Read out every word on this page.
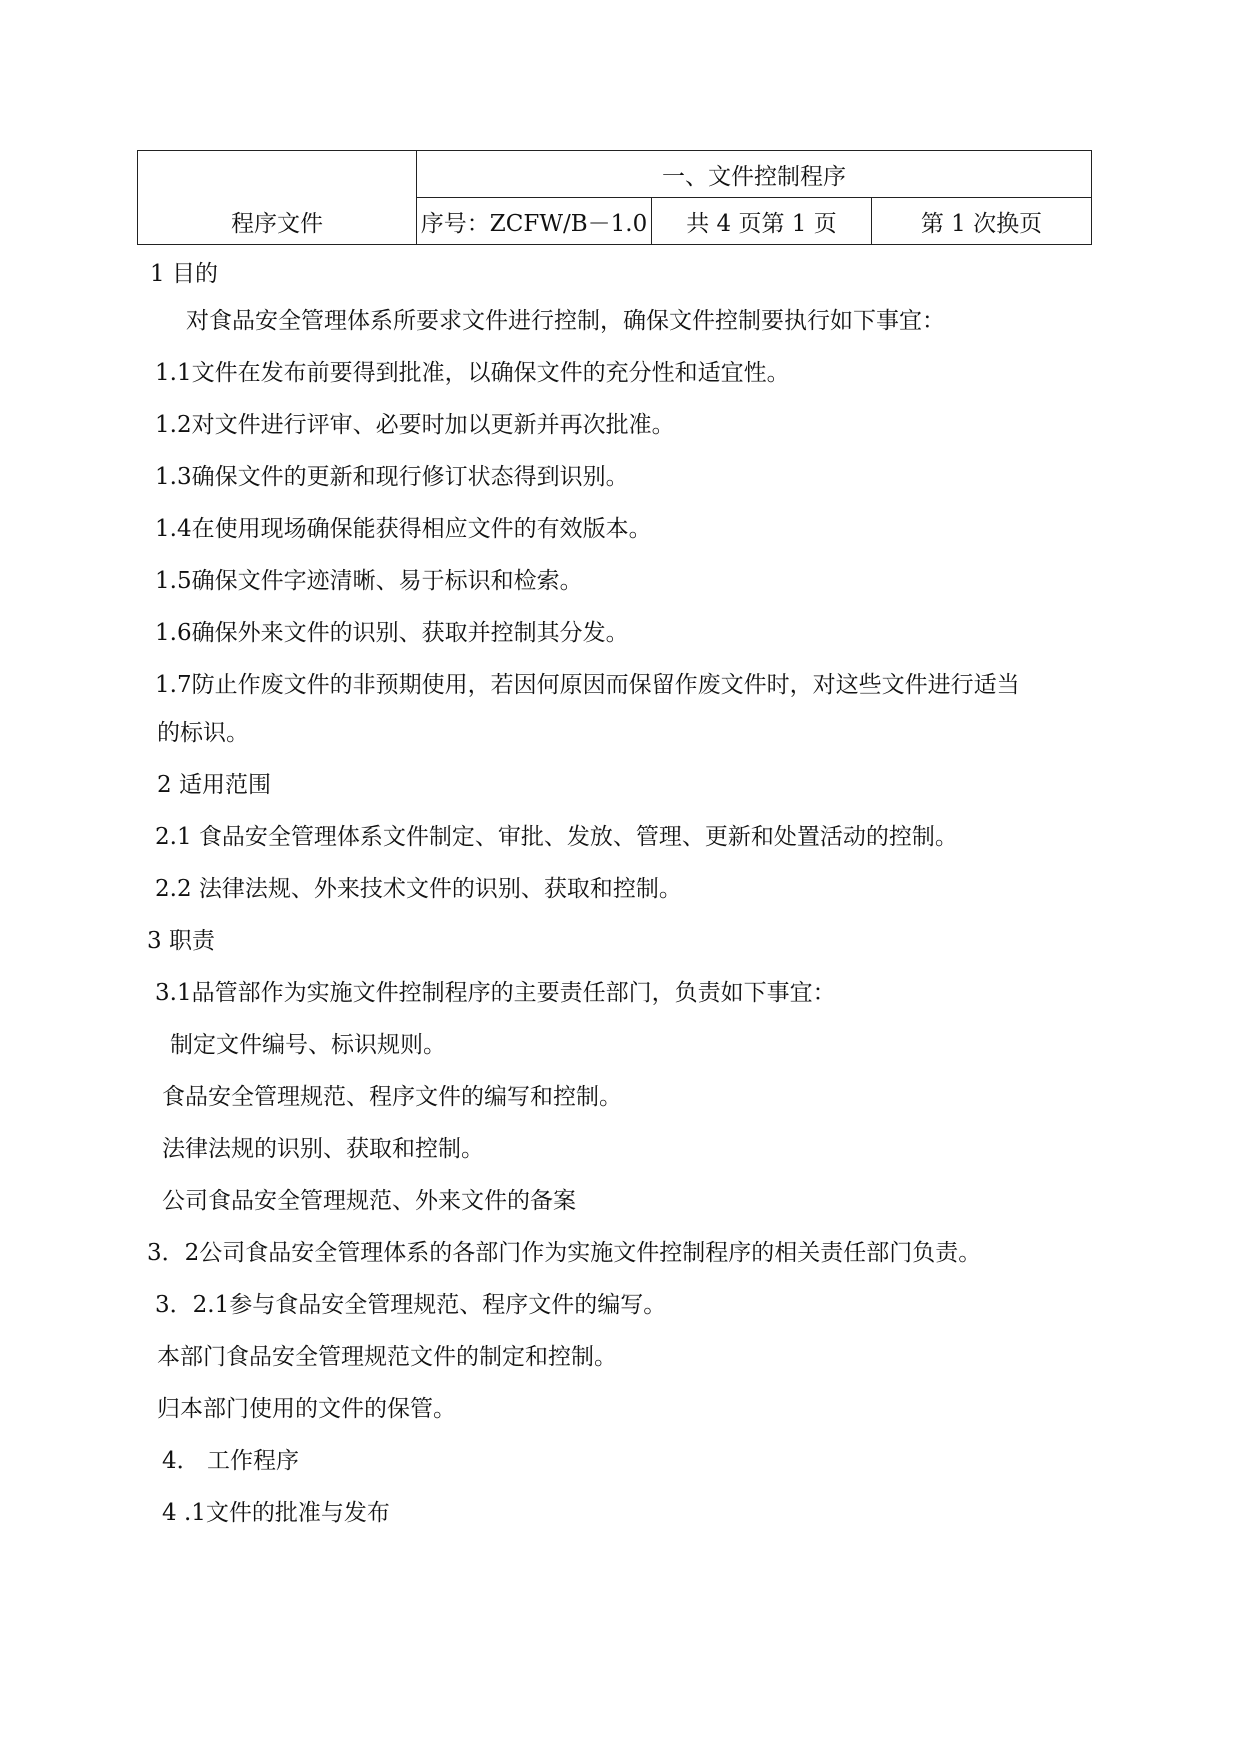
程序文件	一、文件控制程序		
	序号：ZCFW/B－1.0	共 4 页第 1 页	第 1 次换页
1 目的
对食品安全管理体系所要求文件进行控制，确保文件控制要执行如下事宜：
1.1文件在发布前要得到批准，以确保文件的充分性和适宜性。
1.2对文件进行评审、必要时加以更新并再次批准。
1.3确保文件的更新和现行修订状态得到识别。
1.4在使用现场确保能获得相应文件的有效版本。
1.5确保文件字迹清晰、易于标识和检索。
1.6确保外来文件的识别、获取并控制其分发。
1.7防止作废文件的非预期使用，若因何原因而保留作废文件时，对这些文件进行适当
的标识。
2 适用范围
2.1 食品安全管理体系文件制定、审批、发放、管理、更新和处置活动的控制。
2.2 法律法规、外来技术文件的识别、获取和控制。
3 职责
3.1品管部作为实施文件控制程序的主要责任部门，负责如下事宜：
制定文件编号、标识规则。
食品安全管理规范、程序文件的编写和控制。
法律法规的识别、获取和控制。
公司食品安全管理规范、外来文件的备案
3．2公司食品安全管理体系的各部门作为实施文件控制程序的相关责任部门负责。
3．2.1参与食品安全管理规范、程序文件的编写。
本部门食品安全管理规范文件的制定和控制。
归本部门使用的文件的保管。
4． 工作程序
4 .1文件的批准与发布
